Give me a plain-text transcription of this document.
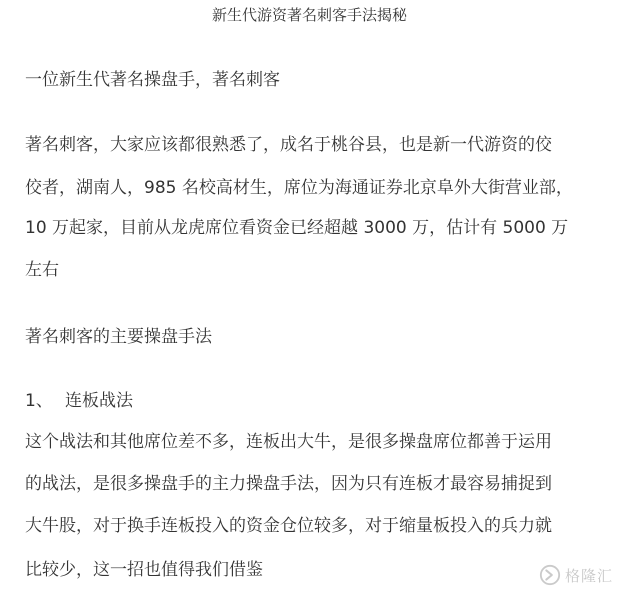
新生代游资著名刺客手法揭秘
一位新生代著名操盘手，著名刺客
著名刺客，大家应该都很熟悉了，成名于桃谷县，也是新一代游资的佼
佼者，湖南人，985 名校高材生，席位为海通证券北京阜外大街营业部，
10 万起家，目前从龙虎席位看资金已经超越 3000 万，估计有 5000 万
左右
著名刺客的主要操盘手法
1、 连板战法
这个战法和其他席位差不多，连板出大牛，是很多操盘席位都善于运用
的战法，是很多操盘手的主力操盘手法，因为只有连板才最容易捕捉到
大牛股，对于换手连板投入的资金仓位较多，对于缩量板投入的兵力就
比较少，这一招也值得我们借鉴	格隆汇
